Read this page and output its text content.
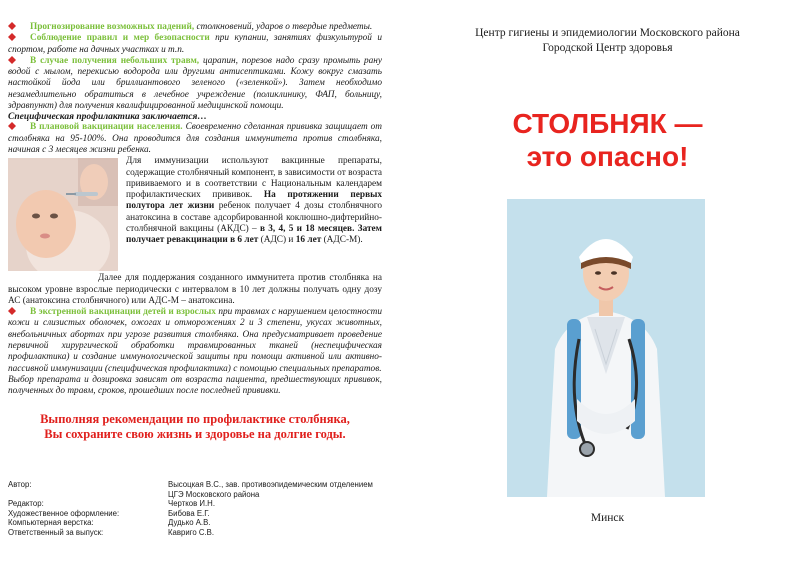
Прогнозирование возможных падений, столкновений, ударов о твердые предметы.

Соблюдение правил и мер безопасности при купании, занятиях физкультурой и спортом, работе на дачных участках и т.п.

В случае получения небольших травм, царапин, порезов надо сразу промыть рану водой с мылом, перекисью водорода или другими антисептиками. Кожу вокруг смазать настойкой йода или бриллиантового зеленого («зеленкой»). Затем необходимо незамедлительно обратиться в лечебное учреждение (поликлинику, ФАП, больницу, здравпункт) для получения квалифицированной медицинской помощи.

Специфическая профилактика заключается…

В плановой вакцинации населения. Своевременно сделанная прививка защищает от столбняка на 95-100%. Она проводится для создания иммунитета против столбняка, начиная с 3 месяцев жизни ребенка.

Для иммунизации используют вакцинные препараты, содержащие столбнячный компонент, в зависимости от возраста прививаемого и в соответствии с Национальным календарем профилактических прививок. На протяжении первых полутора лет жизни ребенок получает 4 дозы столбнячного анатоксина в составе адсорбированной коклюшно-дифтерийно-столбнячной вакцины (АКДС) – в 3, 4, 5 и 18 месяцев. Затем получает ревакцинации в 6 лет (АДС) и 16 лет (АДС-М).

Далее для поддержания созданного иммунитета против столбняка на высоком уровне взрослые периодически с интервалом в 10 лет должны получать одну дозу АС (анатоксина столбнячного) или АДС-М – анатоксина.

В экстренной вакцинации детей и взрослых при травмах с нарушением целостности кожи и слизистых оболочек, ожогах и отморожениях 2 и 3 степени, укусах животных, внебольничных абортах при угрозе развития столбняка. Она предусматривает проведение первичной хирургической обработки травмированных тканей (неспецифическая профилактика) и создание иммунологической защиты при помощи активной или активно-пассивной иммунизации (специфическая профилактика) с помощью специальных препаратов.

Выбор препарата и дозировка зависят от возраста пациента, предшествующих прививок, полученных до травм, сроков, прошедших после последней прививки.

Выполняя рекомендации по профилактике столбняка,
Вы сохраните свою жизнь и здоровье на долгие годы.

Автор:	Высоцкая В.С., зав. противоэпидемическим отделением ЦГЭ Московского района
Редактор:	Чертков И.Н.
Художественное оформление:	Бибова Е.Г.
Компьютерная верстка:	Дудько А.В.
Ответственный за выпуск:	Кавриго С.В.
Центр гигиены и эпидемиологии Московского района
Городской Центр здоровья
СТОЛБНЯК —
это опасно!
Минск
